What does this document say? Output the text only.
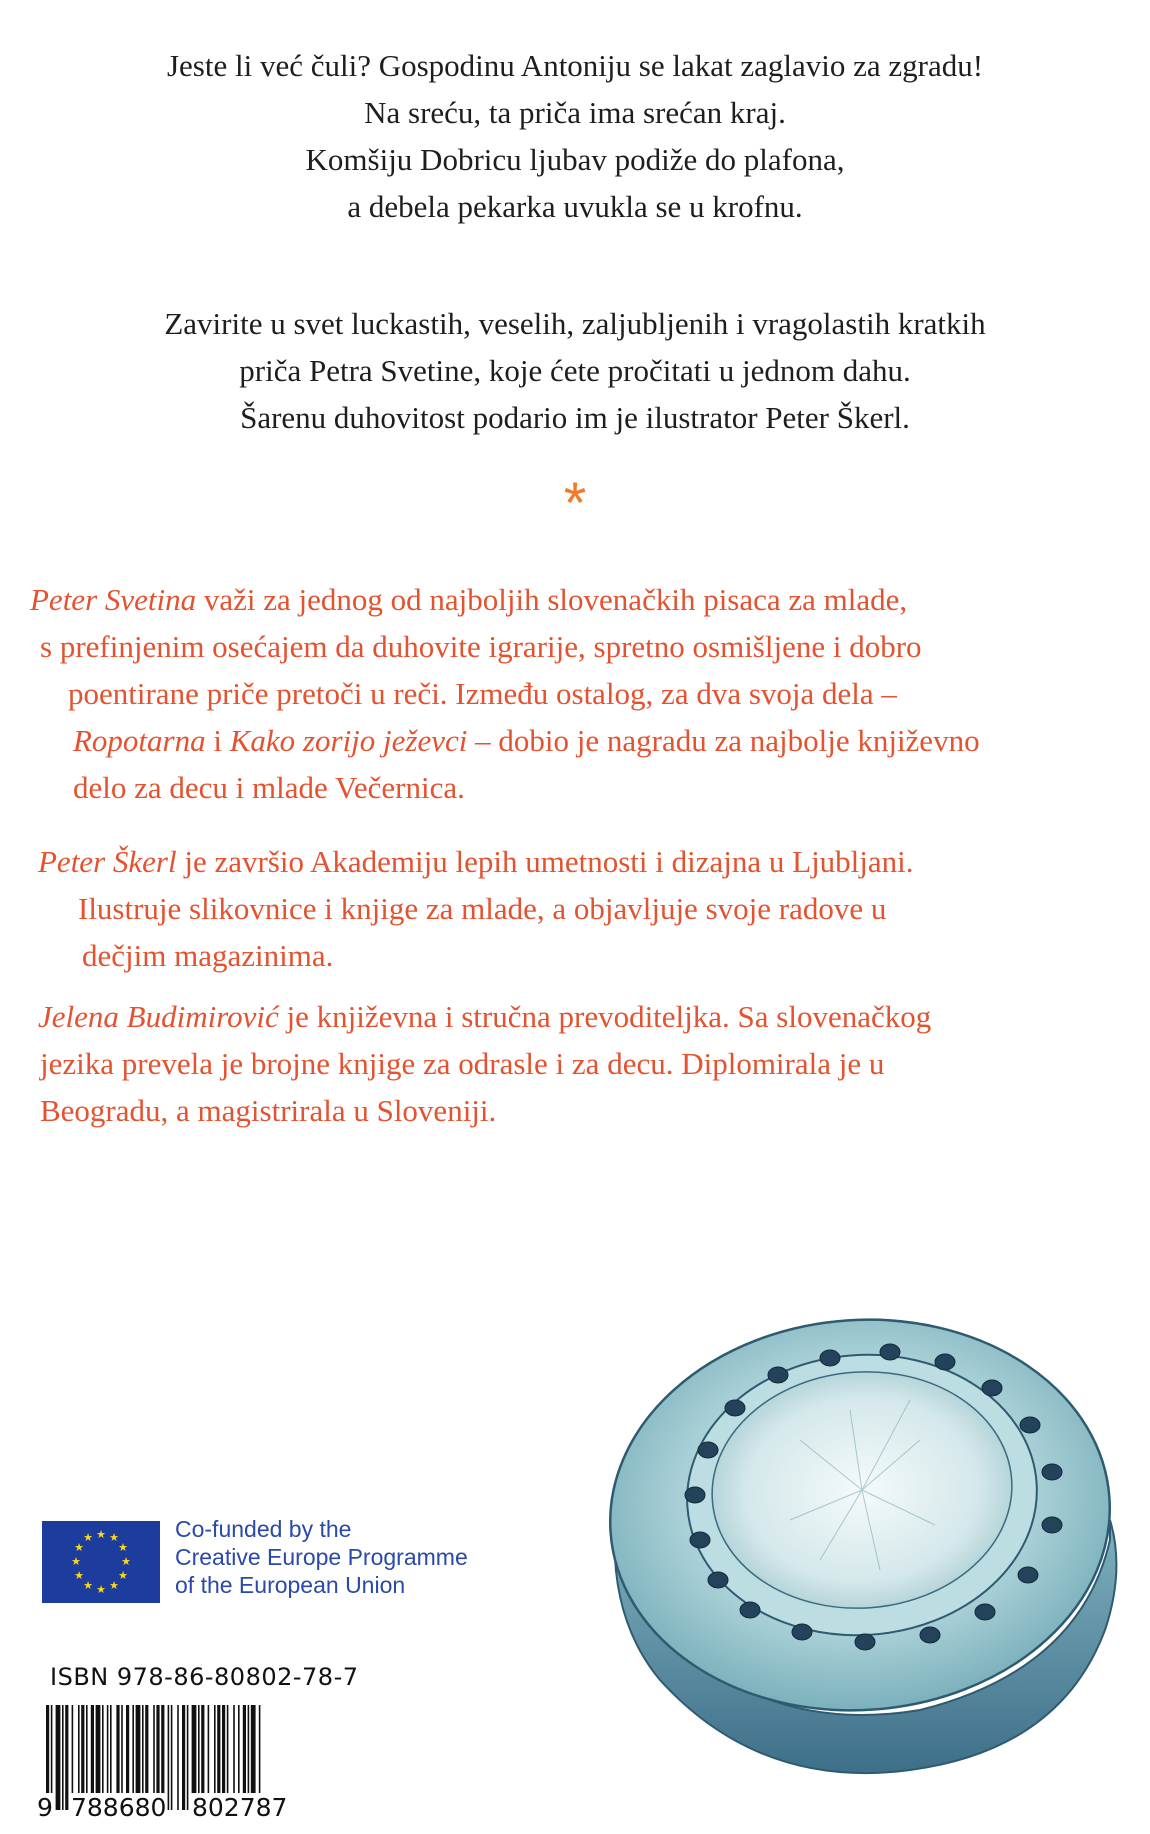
Jeste li već čuli? Gospodinu Antoniju se lakat zaglavio za zgradu!
Na sreću, ta priča ima srećan kraj.
Komšiju Dobricu ljubav podiže do plafona,
a debela pekarka uvukla se u krofnu.
Zavirite u svet luckastih, veselih, zaljubljenih i vragolastih kratkih
priča Petra Svetine, koje ćete pročitati u jednom dahu.
Šarenu duhovitost podario im je ilustrator Peter Škerl.
*
Peter Svetina važi za jednog od najboljih slovenačkih pisaca za mlade,
s prefinjenim osećajem da duhovite igrarije, spretno osmišljene i dobro
poentirane priče pretoči u reči. Između ostalog, za dva svoja dela –
Ropotarna i Kako zorijo ježevci – dobio je nagradu za najbolje književno
delo za decu i mlade Večernica.
Peter Škerl je završio Akademiju lepih umetnosti i dizajna u Ljubljani.
Ilustruje slikovnice i knjige za mlade, a objavljuje svoje radove u
dečjim magazinima.
Jelena Budimirović je književna i stručna prevoditeljka. Sa slovenačkog
jezika prevela je brojne knjige za odrasle i za decu. Diplomirala je u
Beogradu, a magistrirala u Sloveniji.
★ ★
★
★
★
★
★
★
★
★
★
★	Co-funded by the
Creative Europe Programme
of the European Union
ISBN 978-86-80802-78-7
9 788680 802787
